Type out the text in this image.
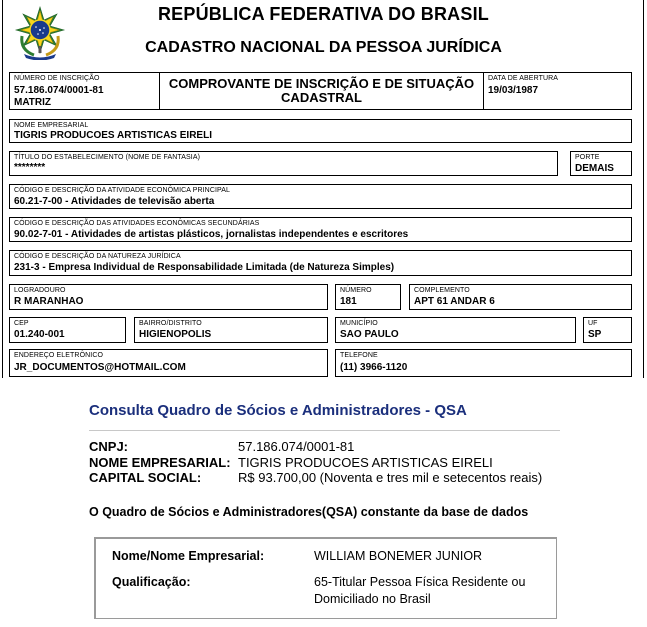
REPÚBLICA FEDERATIVA DO BRASIL
CADASTRO NACIONAL DA PESSOA JURÍDICA
NÚMERO DE INSCRIÇÃO
57.186.074/0001-81
MATRIZ
COMPROVANTE DE INSCRIÇÃO E DE SITUAÇÃO
CADASTRAL
DATA DE ABERTURA
19/03/1987
NOME EMPRESARIAL
TIGRIS PRODUCOES ARTISTICAS EIRELI
TÍTULO DO ESTABELECIMENTO (NOME DE FANTASIA)
********
PORTE
DEMAIS
CÓDIGO E DESCRIÇÃO DA ATIVIDADE ECONÔMICA PRINCIPAL
60.21-7-00 - Atividades de televisão aberta
CÓDIGO E DESCRIÇÃO DAS ATIVIDADES ECONÔMICAS SECUNDÁRIAS
90.02-7-01 - Atividades de artistas plásticos, jornalistas independentes e escritores
CÓDIGO E DESCRIÇÃO DA NATUREZA JURÍDICA
231-3 - Empresa Individual de Responsabilidade Limitada (de Natureza Simples)
LOGRADOURO
R MARANHAO
NÚMERO
181
COMPLEMENTO
APT 61 ANDAR 6
CEP
01.240-001
BAIRRO/DISTRITO
HIGIENOPOLIS
MUNICÍPIO
SAO PAULO
UF
SP
ENDEREÇO ELETRÔNICO
JR_DOCUMENTOS@HOTMAIL.COM
TELEFONE
(11) 3966-1120
Consulta Quadro de Sócios e Administradores - QSA
CNPJ:	57.186.074/0001-81
NOME EMPRESARIAL: TIGRIS PRODUCOES ARTISTICAS EIRELI
CAPITAL SOCIAL:	R$ 93.700,00 (Noventa e tres mil e setecentos reais)
O Quadro de Sócios e Administradores(QSA) constante da base de dados
Nome/Nome Empresarial:	WILLIAM BONEMER JUNIOR
Qualificação:	65-Titular Pessoa Física Residente ou
Domiciliado no Brasil
